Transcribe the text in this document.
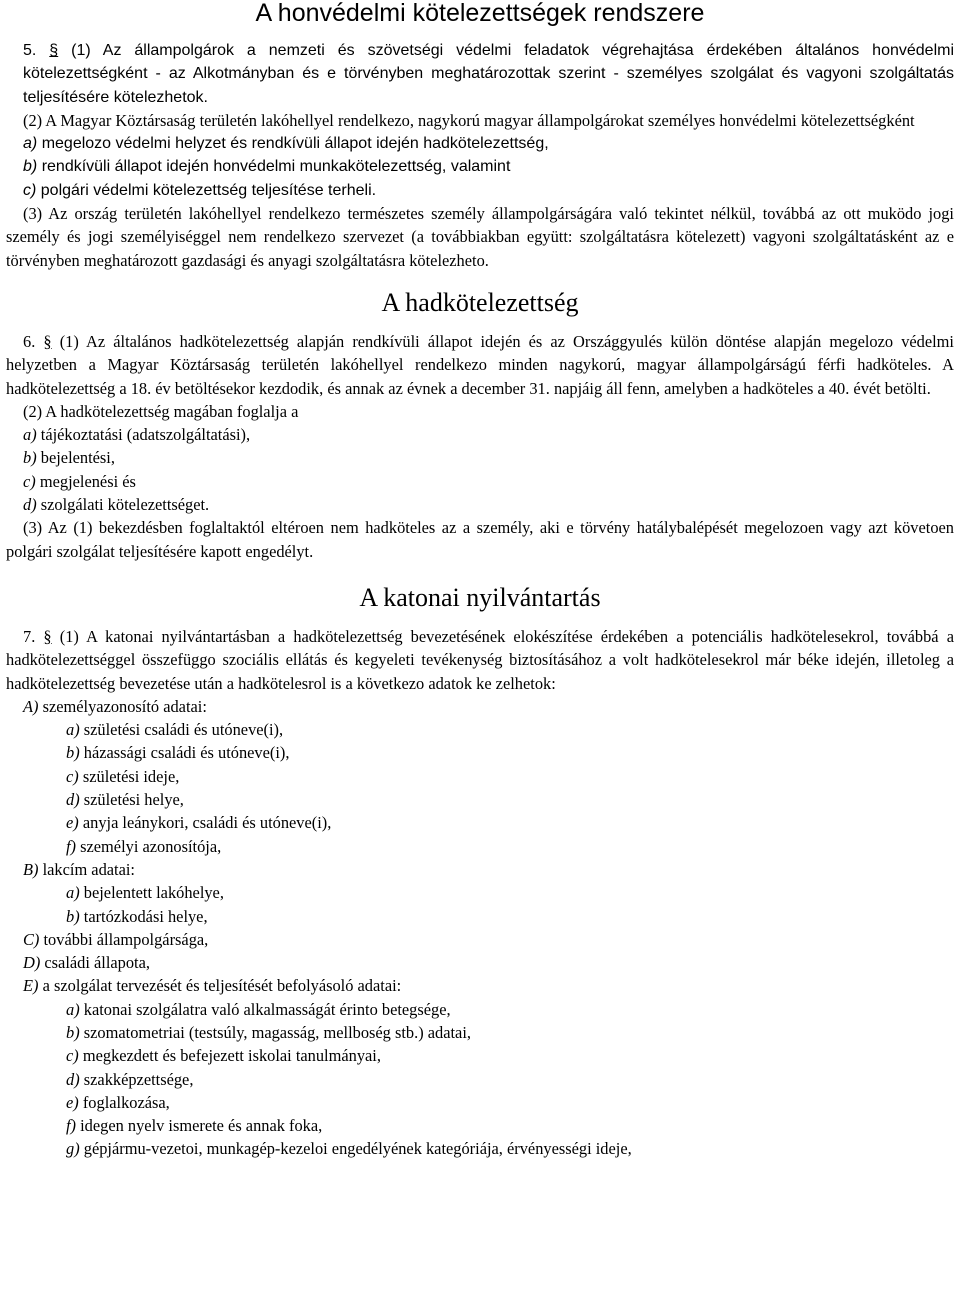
A honvédelmi kötelezettségek rendszere

5. § (1) Az állampolgárok a nemzeti és szövetségi védelmi feladatok végrehajtása érdekében általános honvédelmi kötelezettségként - az Alkotmányban és e törvényben meghatározottak szerint - személyes szolgálat és vagyoni szolgáltatás teljesítésére kötelezhetok.

(2) A Magyar Köztársaság területén lakóhellyel rendelkezo, nagykorú magyar állampolgárokat személyes honvédelmi kötelezettségként

a) megelozo védelmi helyzet és rendkívüli állapot idején hadkötelezettség,

b) rendkívüli állapot idején honvédelmi munkakötelezettség, valamint

c) polgári védelmi kötelezettség teljesítése terheli.

(3) Az ország területén lakóhellyel rendelkezo természetes személy állampolgárságára való tekintet nélkül, továbbá az ott muködo jogi személy és jogi személyiséggel nem rendelkezo szervezet (a továbbiakban együtt: szolgáltatásra kötelezett) vagyoni szolgáltatásként az e törvényben meghatározott gazdasági és anyagi szolgáltatásra kötelezheto.

A hadkötelezettség

6. § (1) Az általános hadkötelezettség alapján rendkívüli állapot idején és az Országgyulés külön döntése alapján megelozo védelmi helyzetben a Magyar Köztársaság területén lakóhellyel rendelkezo minden nagykorú, magyar állampolgárságú férfi hadköteles. A hadkötelezettség a 18. év betöltésekor kezdodik, és annak az évnek a december 31. napjáig áll fenn, amelyben a hadköteles a 40. évét betölti.

(2) A hadkötelezettség magában foglalja a

a) tájékoztatási (adatszolgáltatási),

b) bejelentési,

c) megjelenési és

d) szolgálati kötelezettséget.

(3) Az (1) bekezdésben foglaltaktól eltéroen nem hadköteles az a személy, aki e törvény hatálybalépését megelozoen vagy azt követoen polgári szolgálat teljesítésére kapott engedélyt.

A katonai nyilvántartás

7. § (1) A katonai nyilvántartásban a hadkötelezettség bevezetésének elokészítése érdekében a potenciális hadkötelesekrol, továbbá a hadkötelezettséggel összefüggo szociális ellátás és kegyeleti tevékenység biztosításához a volt hadkötelesekrol már béke idején, illetoleg a hadkötelezettség bevezetése után a hadkötelesrol is a következo adatok ke zelhetok:

A) személyazonosító adatai:

a) születési családi és utóneve(i),

b) házassági családi és utóneve(i),

c) születési ideje,

d) születési helye,

e) anyja leánykori, családi és utóneve(i),

f) személyi azonosítója,

B) lakcím adatai:

a) bejelentett lakóhelye,

b) tartózkodási helye,

C) további állampolgársága,

D) családi állapota,

E) a szolgálat tervezését és teljesítését befolyásoló adatai:

a) katonai szolgálatra való alkalmasságát érinto betegsége,

b) szomatometriai (testsúly, magasság, mellboség stb.) adatai,

c) megkezdett és befejezett iskolai tanulmányai,

d) szakképzettsége,

e) foglalkozása,

f) idegen nyelv ismerete és annak foka,

g) gépjármu-vezetoi, munkagép-kezeloi engedélyének kategóriája, érvényességi ideje,
